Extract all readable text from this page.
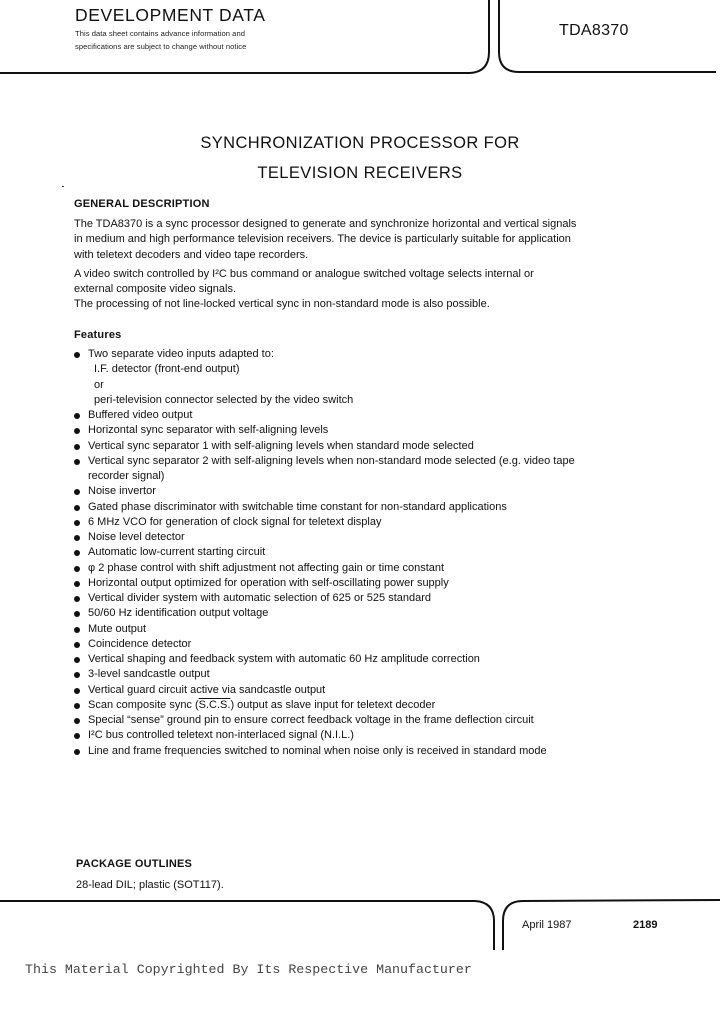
DEVELOPMENT DATA
This data sheet contains advance information and
specifications are subject to change without notice
TDA8370
SYNCHRONIZATION PROCESSOR FOR
TELEVISION RECEIVERS
GENERAL DESCRIPTION
The TDA8370 is a sync processor designed to generate and synchronize horizontal and vertical signals
in medium and high performance television receivers. The device is particularly suitable for application
with teletext decoders and video tape recorders.
A video switch controlled by I²C bus command or analogue switched voltage selects internal or
external composite video signals.
The processing of not line-locked vertical sync in non-standard mode is also possible.
Features
Two separate video inputs adapted to:
I.F. detector (front-end output)
or
peri-television connector selected by the video switch
Buffered video output
Horizontal sync separator with self-aligning levels
Vertical sync separator 1 with self-aligning levels when standard mode selected
Vertical sync separator 2 with self-aligning levels when non-standard mode selected (e.g. video tape
recorder signal)
Noise invertor
Gated phase discriminator with switchable time constant for non-standard applications
6 MHz VCO for generation of clock signal for teletext display
Noise level detector
Automatic low-current starting circuit
φ 2 phase control with shift adjustment not affecting gain or time constant
Horizontal output optimized for operation with self-oscillating power supply
Vertical divider system with automatic selection of 625 or 525 standard
50/60 Hz identification output voltage
Mute output
Coincidence detector
Vertical shaping and feedback system with automatic 60 Hz amplitude correction
3-level sandcastle output
Vertical guard circuit active via sandcastle output
Scan composite sync (S.C.S.) output as slave input for teletext decoder
Special “sense” ground pin to ensure correct feedback voltage in the frame deflection circuit
I²C bus controlled teletext non-interlaced signal (N.I.L.)
Line and frame frequencies switched to nominal when noise only is received in standard mode
PACKAGE OUTLINES
28-lead DIL; plastic (SOT117).
April 1987	2189
This Material Copyrighted By Its Respective Manufacturer
